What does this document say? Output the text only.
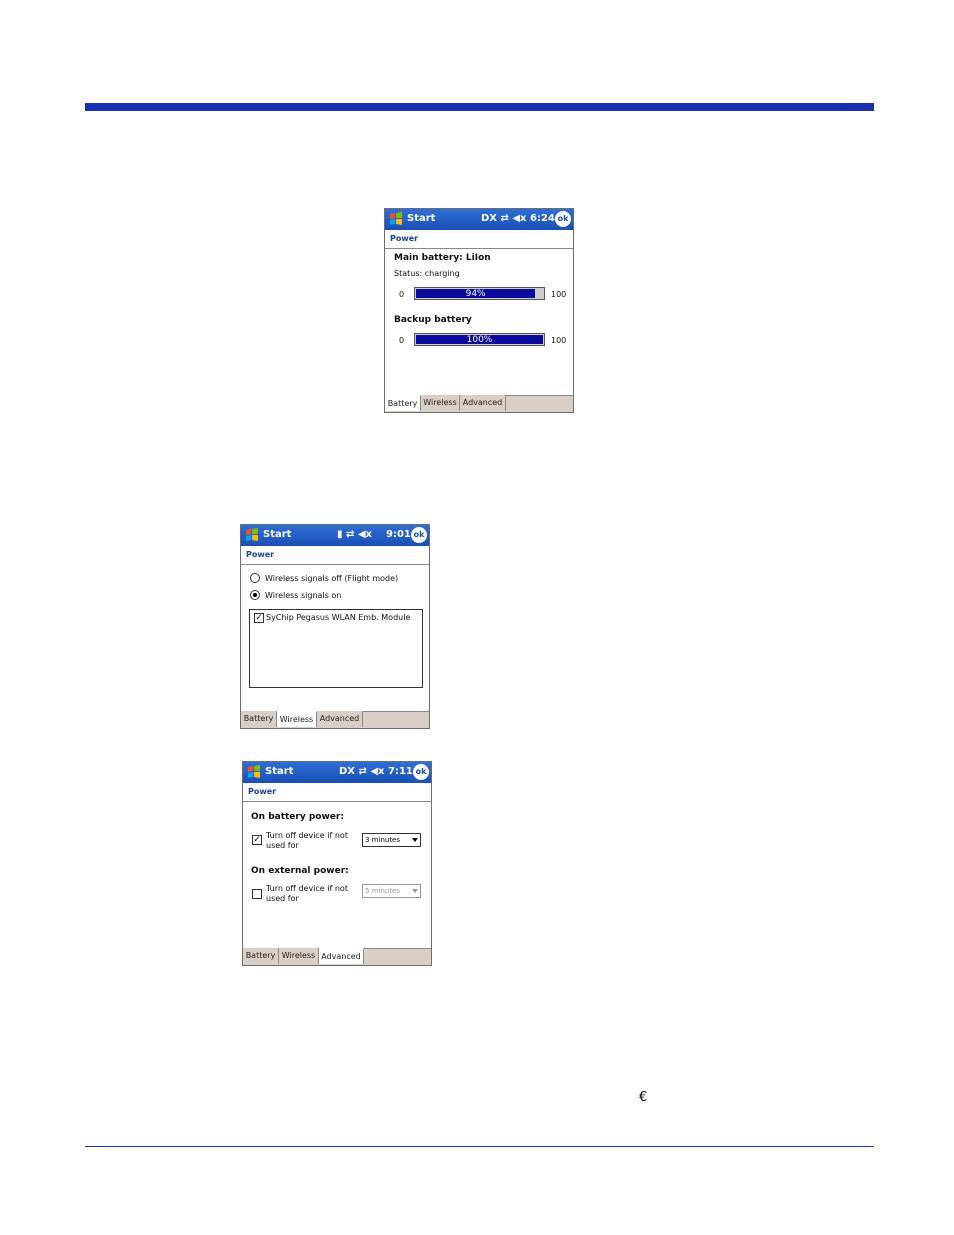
Start	DX ⇄ ◀x 6:24 ok
Power
Main battery: LiIon
Status: charging
0	94%	100
Backup battery
0	100%	100
Battery Wireless Advanced
Start	▮ ⇄ ◀x 9:01 ok
Power
Wireless signals off (Flight mode)
Wireless signals on
✓ SyChip Pegasus WLAN Emb. Module
Battery Wireless Advanced
Start	DX ⇄ ◀x 7:11 ok
Power
On battery power:
✓ Turn off device if not used for
3 minutes
On external power:
Turn off device if not used for
5 minutes
Battery Wireless Advanced
€
